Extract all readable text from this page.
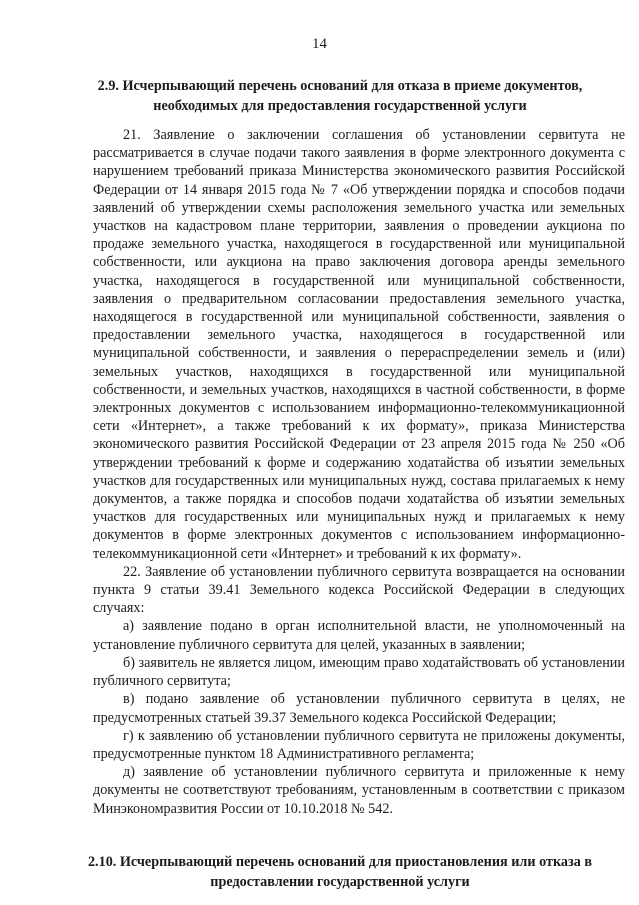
14
2.9. Исчерпывающий перечень оснований для отказа в приеме документов, необходимых для предоставления государственной услуги

21. Заявление о заключении соглашения об установлении сервитута не рассматривается в случае подачи такого заявления в форме электронного документа с нарушением требований приказа Министерства экономического развития Российской Федерации от 14 января 2015 года № 7 «Об утверждении порядка и способов подачи заявлений об утверждении схемы расположения земельного участка или земельных участков на кадастровом плане территории, заявления о проведении аукциона по продаже земельного участка, находящегося в государственной или муниципальной собственности, или аукциона на право заключения договора аренды земельного участка, находящегося в государственной или муниципальной собственности, заявления о предварительном согласовании предоставления земельного участка, находящегося в государственной или муниципальной собственности, заявления о предоставлении земельного участка, находящегося в государственной или муниципальной собственности, и заявления о перераспределении земель и (или) земельных участков, находящихся в государственной или муниципальной собственности, и земельных участков, находящихся в частной собственности, в форме электронных документов с использованием информационно-телекоммуникационной сети «Интернет», а также требований к их формату», приказа Министерства экономического развития Российской Федерации от 23 апреля 2015 года № 250 «Об утверждении требований к форме и содержанию ходатайства об изъятии земельных участков для государственных или муниципальных нужд, состава прилагаемых к нему документов, а также порядка и способов подачи ходатайства об изъятии земельных участков для государственных или муниципальных нужд и прилагаемых к нему документов в форме электронных документов с использованием информационно-телекоммуникационной сети «Интернет» и требований к их формату».

22. Заявление об установлении публичного сервитута возвращается на основании пункта 9 статьи 39.41 Земельного кодекса Российской Федерации в следующих случаях:

а) заявление подано в орган исполнительной власти, не уполномоченный на установление публичного сервитута для целей, указанных в заявлении;

б) заявитель не является лицом, имеющим право ходатайствовать об установлении публичного сервитута;

в) подано заявление об установлении публичного сервитута в целях, не предусмотренных статьей 39.37 Земельного кодекса Российской Федерации;

г) к заявлению об установлении публичного сервитута не приложены документы, предусмотренные пунктом 18 Административного регламента;

д) заявление об установлении публичного сервитута и приложенные к нему документы не соответствуют требованиям, установленным в соответствии с приказом Минэкономразвития России от 10.10.2018 № 542.

2.10. Исчерпывающий перечень оснований для приостановления или отказа в предоставлении государственной услуги
